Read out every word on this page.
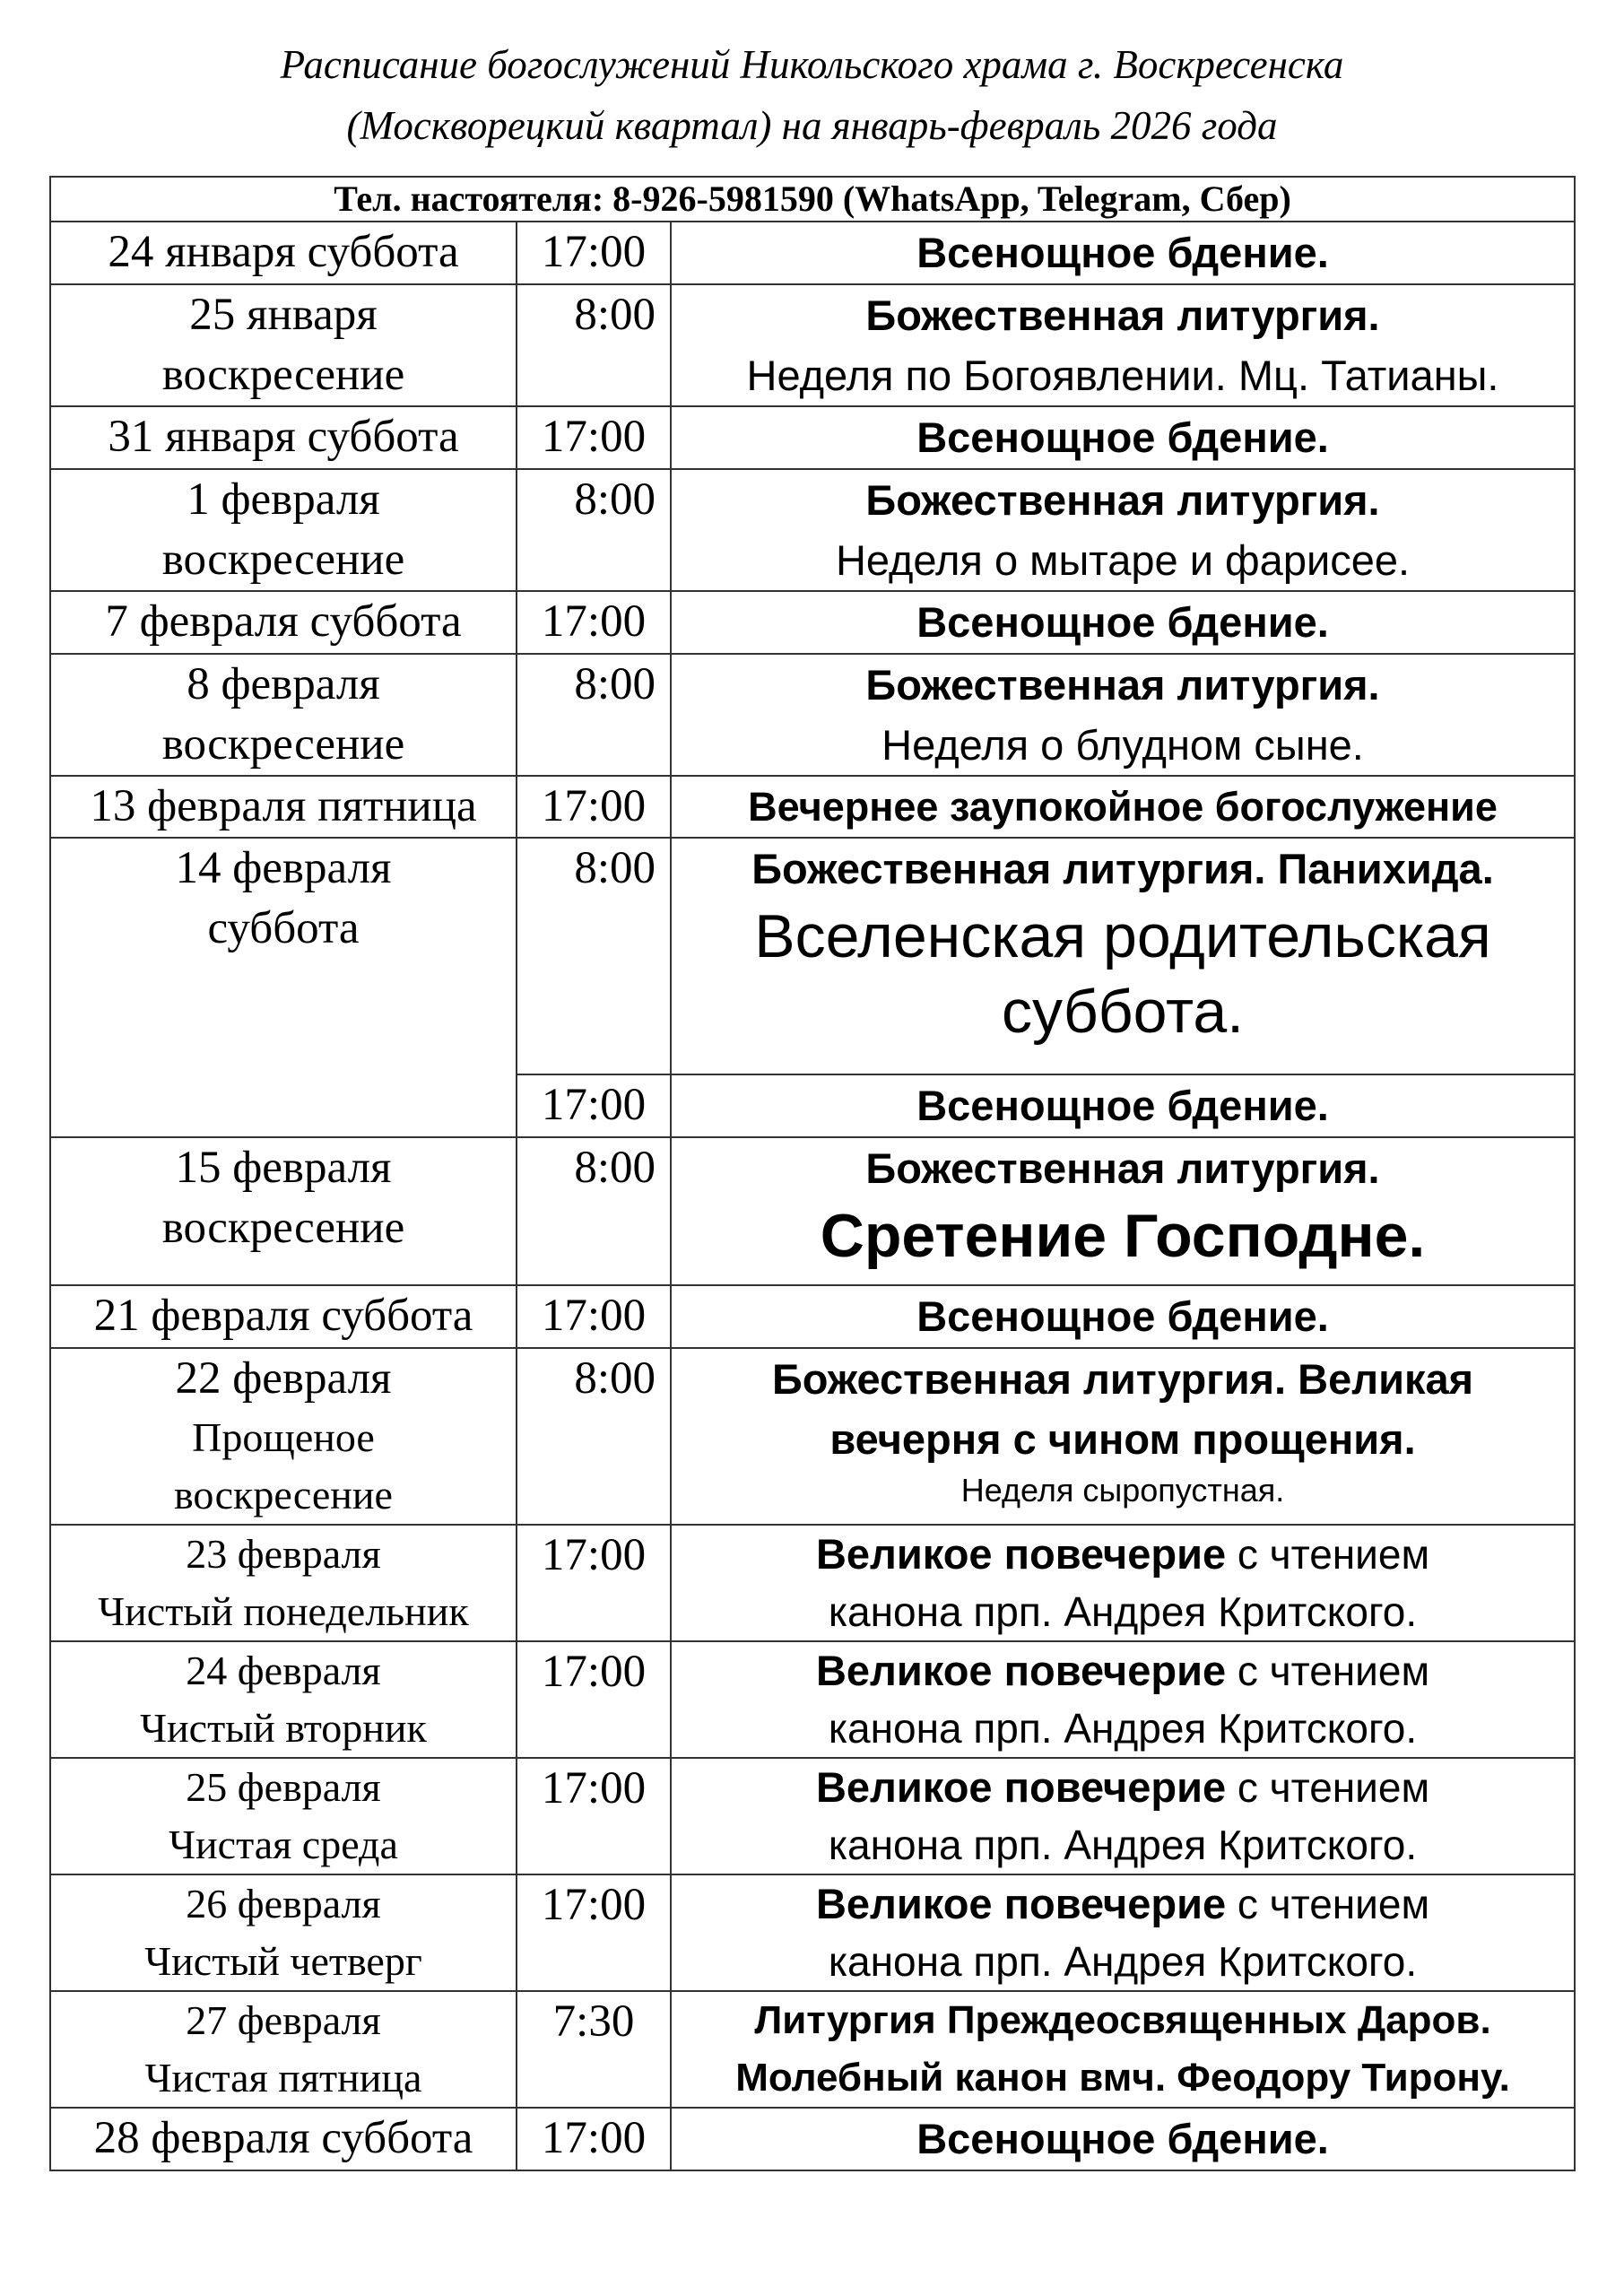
Расписание богослужений Никольского храма г. Воскресенска
(Москворецкий квартал) на январь-февраль 2026 года
Тел. настоятеля: 8-926-5981590 (WhatsApp, Telegram, Сбер)		
24 января суббота	17:00	Всенощное бдение.

25 января
воскресение	8:00	Божественная литургия.
Неделя по Богоявлении. Мц. Татианы.

31 января суббота	17:00	Всенощное бдение.

1 февраля
воскресение	8:00	Божественная литургия.
Неделя о мытаре и фарисее.

7 февраля суббота	17:00	Всенощное бдение.

8 февраля
воскресение	8:00	Божественная литургия.
Неделя о блудном сыне.

13 февраля пятница	17:00	Вечернее заупокойное богослужение

14 февраля
суббота	8:00	Божественная литургия. Панихида.
Вселенская родительская
суббота.

	17:00	Всенощное бдение.

15 февраля
воскресение	8:00	Божественная литургия.
Сретение Господне.

21 февраля суббота	17:00	Всенощное бдение.

22 февраля
Прощеное
воскресение	8:00	Божественная литургия. Великая
вечерня с чином прощения.
Неделя сыропустная.

23 февраля
Чистый понедельник	17:00	Великое повечерие с чтением
канона прп. Андрея Критского.

24 февраля
Чистый вторник	17:00	Великое повечерие с чтением
канона прп. Андрея Критского.

25 февраля
Чистая среда	17:00	Великое повечерие с чтением
канона прп. Андрея Критского.

26 февраля
Чистый четверг	17:00	Великое повечерие с чтением
канона прп. Андрея Критского.

27 февраля
Чистая пятница	7:30	Литургия Преждеосвященных Даров.
Молебный канон вмч. Феодору Тирону.

28 февраля суббота	17:00	Всенощное бдение.
